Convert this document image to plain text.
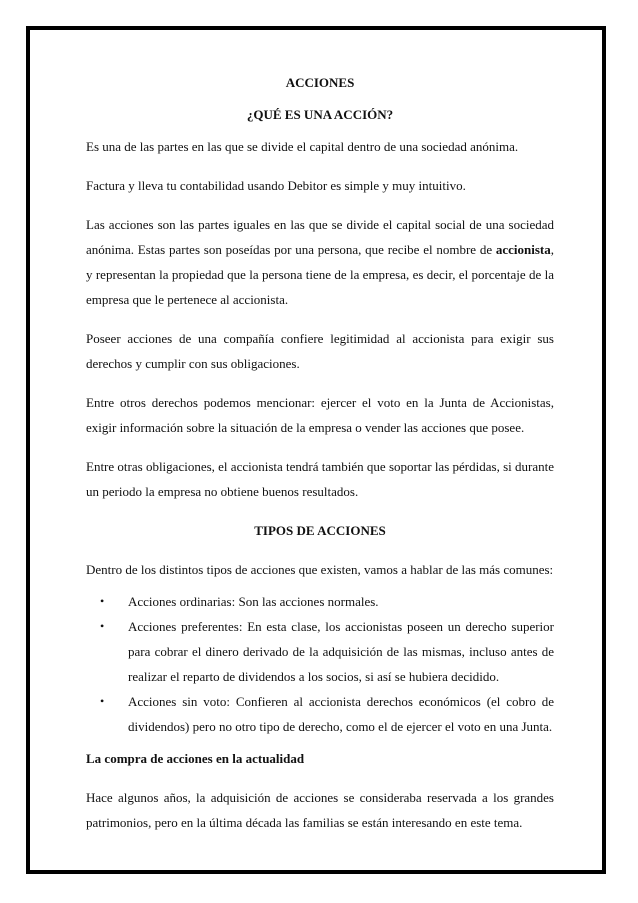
ACCIONES

¿QUÉ ES UNA ACCIÓN?

Es una de las partes en las que se divide el capital dentro de una sociedad anónima.

Factura y lleva tu contabilidad usando Debitor es simple y muy intuitivo.

Las acciones son las partes iguales en las que se divide el capital social de una sociedad anónima. Estas partes son poseídas por una persona, que recibe el nombre de accionista, y representan la propiedad que la persona tiene de la empresa, es decir, el porcentaje de la empresa que le pertenece al accionista.

Poseer acciones de una compañía confiere legitimidad al accionista para exigir sus derechos y cumplir con sus obligaciones.

Entre otros derechos podemos mencionar: ejercer el voto en la Junta de Accionistas, exigir información sobre la situación de la empresa o vender las acciones que posee.

Entre otras obligaciones, el accionista tendrá también que soportar las pérdidas, si durante un periodo la empresa no obtiene buenos resultados.

TIPOS DE ACCIONES

Dentro de los distintos tipos de acciones que existen, vamos a hablar de las más comunes:

• Acciones ordinarias: Son las acciones normales.
• Acciones preferentes: En esta clase, los accionistas poseen un derecho superior para cobrar el dinero derivado de la adquisición de las mismas, incluso antes de realizar el reparto de dividendos a los socios, si así se hubiera decidido.
• Acciones sin voto: Confieren al accionista derechos económicos (el cobro de dividendos) pero no otro tipo de derecho, como el de ejercer el voto en una Junta.

La compra de acciones en la actualidad

Hace algunos años, la adquisición de acciones se consideraba reservada a los grandes patrimonios, pero en la última década las familias se están interesando en este tema.
